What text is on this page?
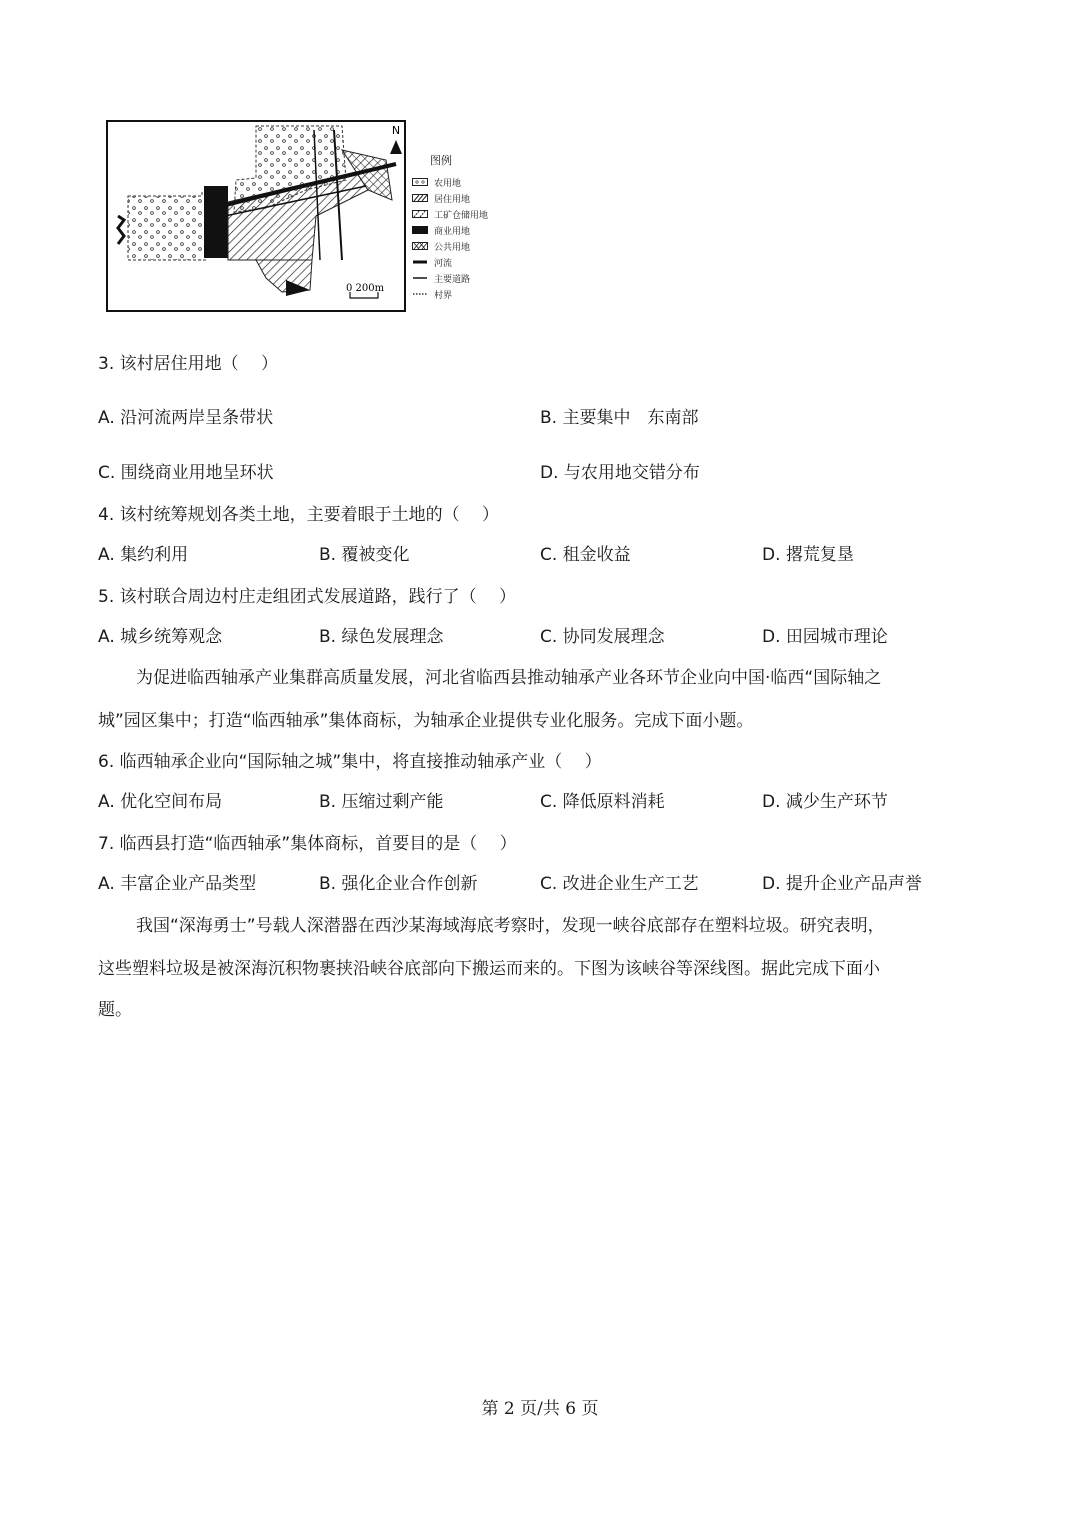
N
0 200m
图例
农用地
居住用地
工矿仓储用地
商业用地
公共用地
河流
主要道路
村界
3. 该村居住用地（　 ）
A. 沿河流两岸呈条带状	B. 主要集中　东南部
C. 围绕商业用地呈环状	D. 与农用地交错分布
4. 该村统筹规划各类土地，主要着眼于土地的（　 ）
A. 集约利用	B. 覆被变化	C. 租金收益	D. 撂荒复垦
5. 该村联合周边村庄走组团式发展道路，践行了（　 ）
A. 城乡统筹观念	B. 绿色发展理念	C. 协同发展理念	D. 田园城市理论
为促进临西轴承产业集群高质量发展，河北省临西县推动轴承产业各环节企业向中国·临西“国际轴之
城”园区集中；打造“临西轴承”集体商标，为轴承企业提供专业化服务。完成下面小题。
6. 临西轴承企业向“国际轴之城”集中，将直接推动轴承产业（　 ）
A. 优化空间布局	B. 压缩过剩产能	C. 降低原料消耗	D. 减少生产环节
7. 临西县打造“临西轴承”集体商标，首要目的是（　 ）
A. 丰富企业产品类型	B. 强化企业合作创新	C. 改进企业生产工艺	D. 提升企业产品声誉
我国“深海勇士”号载人深潜器在西沙某海域海底考察时，发现一峡谷底部存在塑料垃圾。研究表明，
这些塑料垃圾是被深海沉积物裹挟沿峡谷底部向下搬运而来的。下图为该峡谷等深线图。据此完成下面小
题。
第 2 页/共 6 页
